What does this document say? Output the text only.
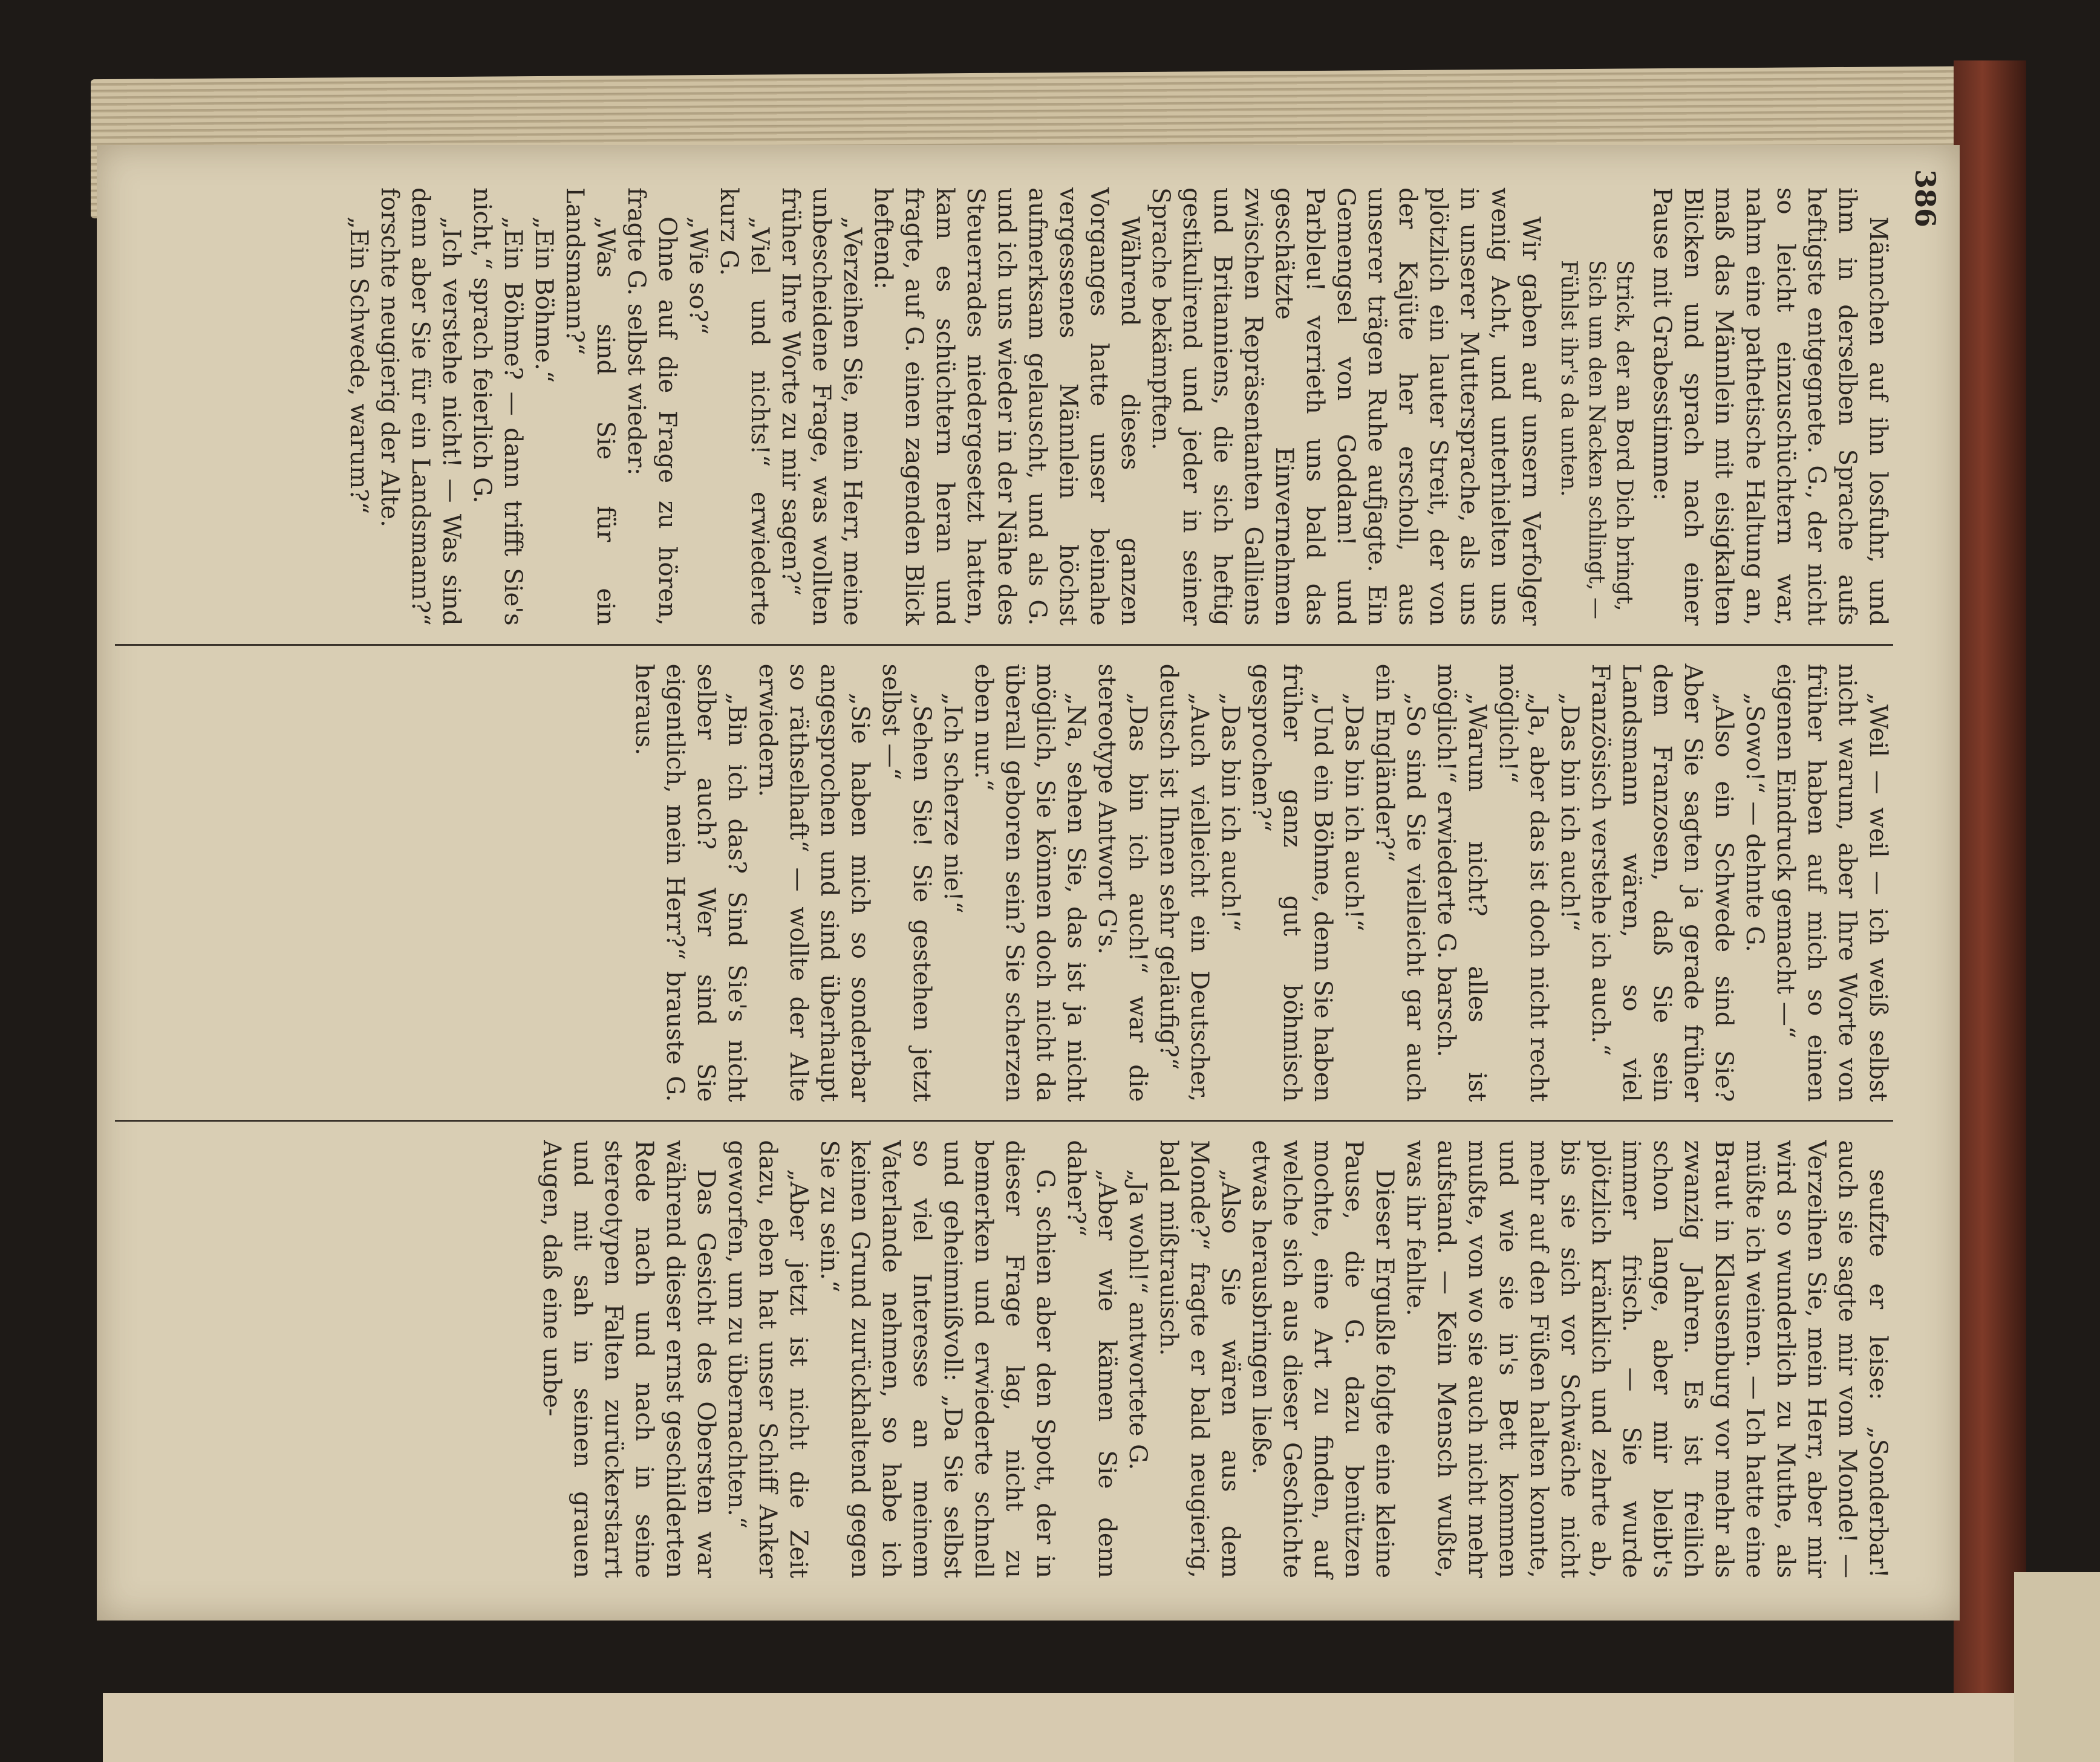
386

Männchen auf ihn losfuhr, und ihm in derselben Sprache aufs heftigste entgegnete. G., der nicht so leicht einzuschüchtern war, nahm eine pathetische Haltung an, maß das Männlein mit eisigkalten Blicken und sprach nach einer Pause mit Grabesstimme:

Strick, der an Bord Dich bringt,
Sich um den Nacken schlingt, —
Fühlst ihr's da unten.

Wir gaben auf unsern Verfolger wenig Acht, und unterhielten uns in unserer Muttersprache, als uns plötzlich ein lauter Streit, der von der Kajüte her erscholl, aus unserer trägen Ruhe aufjagte. Ein Gemengsel von Goddam! und Parbleu! verrieth uns bald das geschätzte Einvernehmen zwischen Repräsentanten Galliens und Britanniens, die sich heftig gestikulirend und jeder in seiner Sprache bekämpften.

Während dieses ganzen Vorganges hatte unser beinahe vergessenes Männlein höchst aufmerksam gelauscht, und als G. und ich uns wieder in der Nähe des Steuerrades niedergesetzt hatten, kam es schüchtern heran und fragte, auf G. einen zagenden Blick heftend:

„Verzeihen Sie, mein Herr, meine unbescheidene Frage, was wollten früher Ihre Worte zu mir sagen?“

„Viel und nichts!“ erwiederte kurz G.

„Wie so?“

Ohne auf die Frage zu hören, fragte G. selbst wieder:

„Was sind Sie für ein Landsmann?“

„Ein Böhme.“

„Ein Böhme? — dann trifft Sie's nicht,“ sprach feierlich G.

„Ich verstehe nicht! — Was sind denn aber Sie für ein Landsmann?“ forschte neugierig der Alte.

„Ein Schwede, warum?“

„Weil — weil — ich weiß selbst nicht warum, aber Ihre Worte von früher haben auf mich so einen eigenen Eindruck gemacht —“

„Sowo!“ — dehnte G.

„Also ein Schwede sind Sie? Aber Sie sagten ja gerade früher dem Franzosen, daß Sie sein Landsmann wären, so viel Französisch verstehe ich auch.“

„Das bin ich auch!“

„Ja, aber das ist doch nicht recht möglich!“

„Warum nicht? alles ist möglich!“ erwiederte G. barsch.

„So sind Sie vielleicht gar auch ein Engländer?“

„Das bin ich auch!“

„Und ein Böhme, denn Sie haben früher ganz gut böhmisch gesprochen?“

„Das bin ich auch!“

„Auch vielleicht ein Deutscher, deutsch ist Ihnen sehr geläufig?“

„Das bin ich auch!“ war die stereotype Antwort G's.

„Na, sehen Sie, das ist ja nicht möglich, Sie können doch nicht da überall geboren sein? Sie scherzen eben nur.“

„Ich scherze nie!“

„Sehen Sie! Sie gestehen jetzt selbst —“

„Sie haben mich so sonderbar angesprochen und sind überhaupt so räthselhaft“ — wollte der Alte erwiedern.

„Bin ich das? Sind Sie's nicht selber auch? Wer sind Sie eigentlich, mein Herr?“ brauste G. heraus.

seufzte er leise: „Sonderbar! auch sie sagte mir vom Monde! — Verzeihen Sie, mein Herr, aber mir wird so wunderlich zu Muthe, als müßte ich weinen. — Ich hatte eine Braut in Klausenburg vor mehr als zwanzig Jahren. Es ist freilich schon lange, aber mir bleibt's immer frisch. — Sie wurde plötzlich kränklich und zehrte ab, bis sie sich vor Schwäche nicht mehr auf den Füßen halten konnte, und wie sie in's Bett kommen mußte, von wo sie auch nicht mehr aufstand. — Kein Mensch wußte, was ihr fehlte.

Dieser Ergußle folgte eine kleine Pause, die G. dazu benützen mochte, eine Art zu finden, auf welche sich aus dieser Geschichte etwas herausbringen ließe.

„Also Sie wären aus dem Monde?“ fragte er bald neugierig, bald mißtrauisch.

„Ja wohl!“ antwortete G.

„Aber wie kämen Sie denn daher?“

G. schien aber den Spott, der in dieser Frage lag, nicht zu bemerken und erwiederte schnell und geheimnißvoll: „Da Sie selbst so viel Interesse an meinem Vaterlande nehmen, so habe ich keinen Grund zurückhaltend gegen Sie zu sein.“

„Aber jetzt ist nicht die Zeit dazu, eben hat unser Schiff Anker geworfen, um zu übernachten.“

Das Gesicht des Obersten war während dieser ernst geschilderten Rede nach und nach in seine stereotypen Falten zurückerstarrt und mit sah in seinen grauen Augen, daß eine unbe-
